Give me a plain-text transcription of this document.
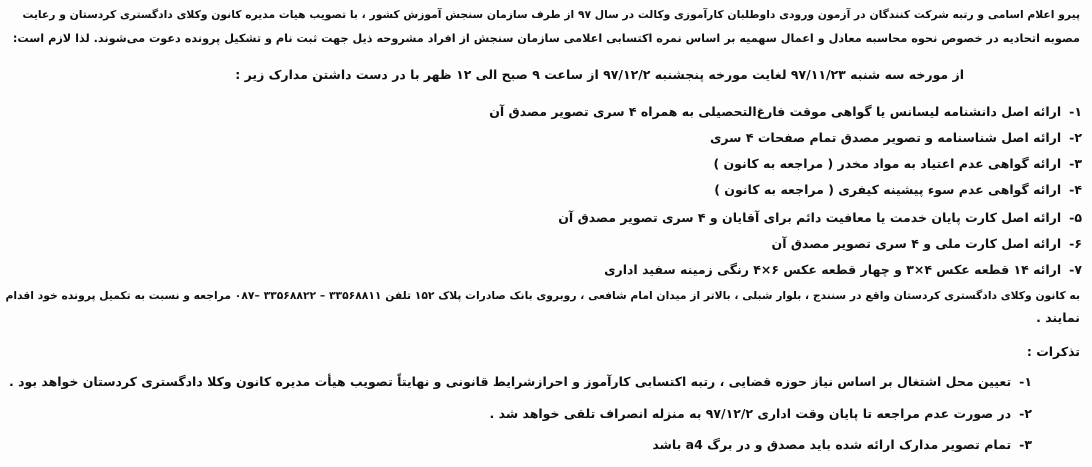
پیرو اعلام اسامی و رتبه شرکت کنندگان در آزمون ورودی داوطلبان کارآموزی وکالت در سال ۹۷ از طرف سازمان سنجش آموزش کشور ، با تصویب هیات مدیره کانون وکلای دادگستری کردستان و رعایت
مصوبه اتحادیه در خصوص نحوه محاسبه معادل و اعمال سهمیه بر اساس نمره اکتسابی اعلامی سازمان سنجش از افراد مشروحه ذیل جهت ثبت نام و تشکیل پرونده دعوت می‌شوند. لذا لازم است:
از مورخه سه شنبه ۹۷/۱۱/۲۳ لغایت مورخه پنجشنبه ۹۷/۱۲/۲ از ساعت ۹ صبح الی ۱۲ ظهر با در دست داشتن مدارک زیر :
۱-ارائه اصل دانشنامه لیسانس یا گواهی موقت فارغ‌التحصیلی به همراه ۴ سری تصویر مصدق آن
۲-ارائه اصل شناسنامه و تصویر مصدق تمام صفحات ۴ سری
۳-ارائه گواهی عدم اعتیاد به مواد مخدر ( مراجعه به کانون )
۴-ارائه گواهی عدم سوء پیشینه کیفری ( مراجعه به کانون )
۵-ارائه اصل کارت پایان خدمت یا معافیت دائم برای آقایان و ۴ سری تصویر مصدق آن
۶-ارائه اصل کارت ملی و ۴ سری تصویر مصدق آن
۷-ارائه ۱۴ قطعه عکس ۴×۳ و چهار قطعه عکس ۶×۴ رنگی زمینه سفید اداری
به کانون وکلای دادگستری کردستان واقع در سنندج ، بلوار شبلی ، بالاتر از میدان امام شافعی ، روبروی بانک صادرات پلاک ۱۵۲ تلفن ۳۳۵۶۸۸۱۱ – ۳۳۵۶۸۸۲۲ –۰۸۷ مراجعه و نسبت به تکمیل پرونده خود اقدام
نمایند .
تذکرات :
۱-تعیین محل اشتغال بر اساس نیاز حوزه قضایی ، رتبه اکتسابی کارآموز و احرازشرایط قانونی و نهایتاً تصویب هیأت مدیره کانون وکلا دادگستری کردستان خواهد بود .
۲-در صورت عدم مراجعه تا پایان وقت اداری ۹۷/۱۲/۲ به منزله انصراف تلقی خواهد شد .
۳-تمام تصویر مدارک ارائه شده باید مصدق و در برگ a4 باشد
